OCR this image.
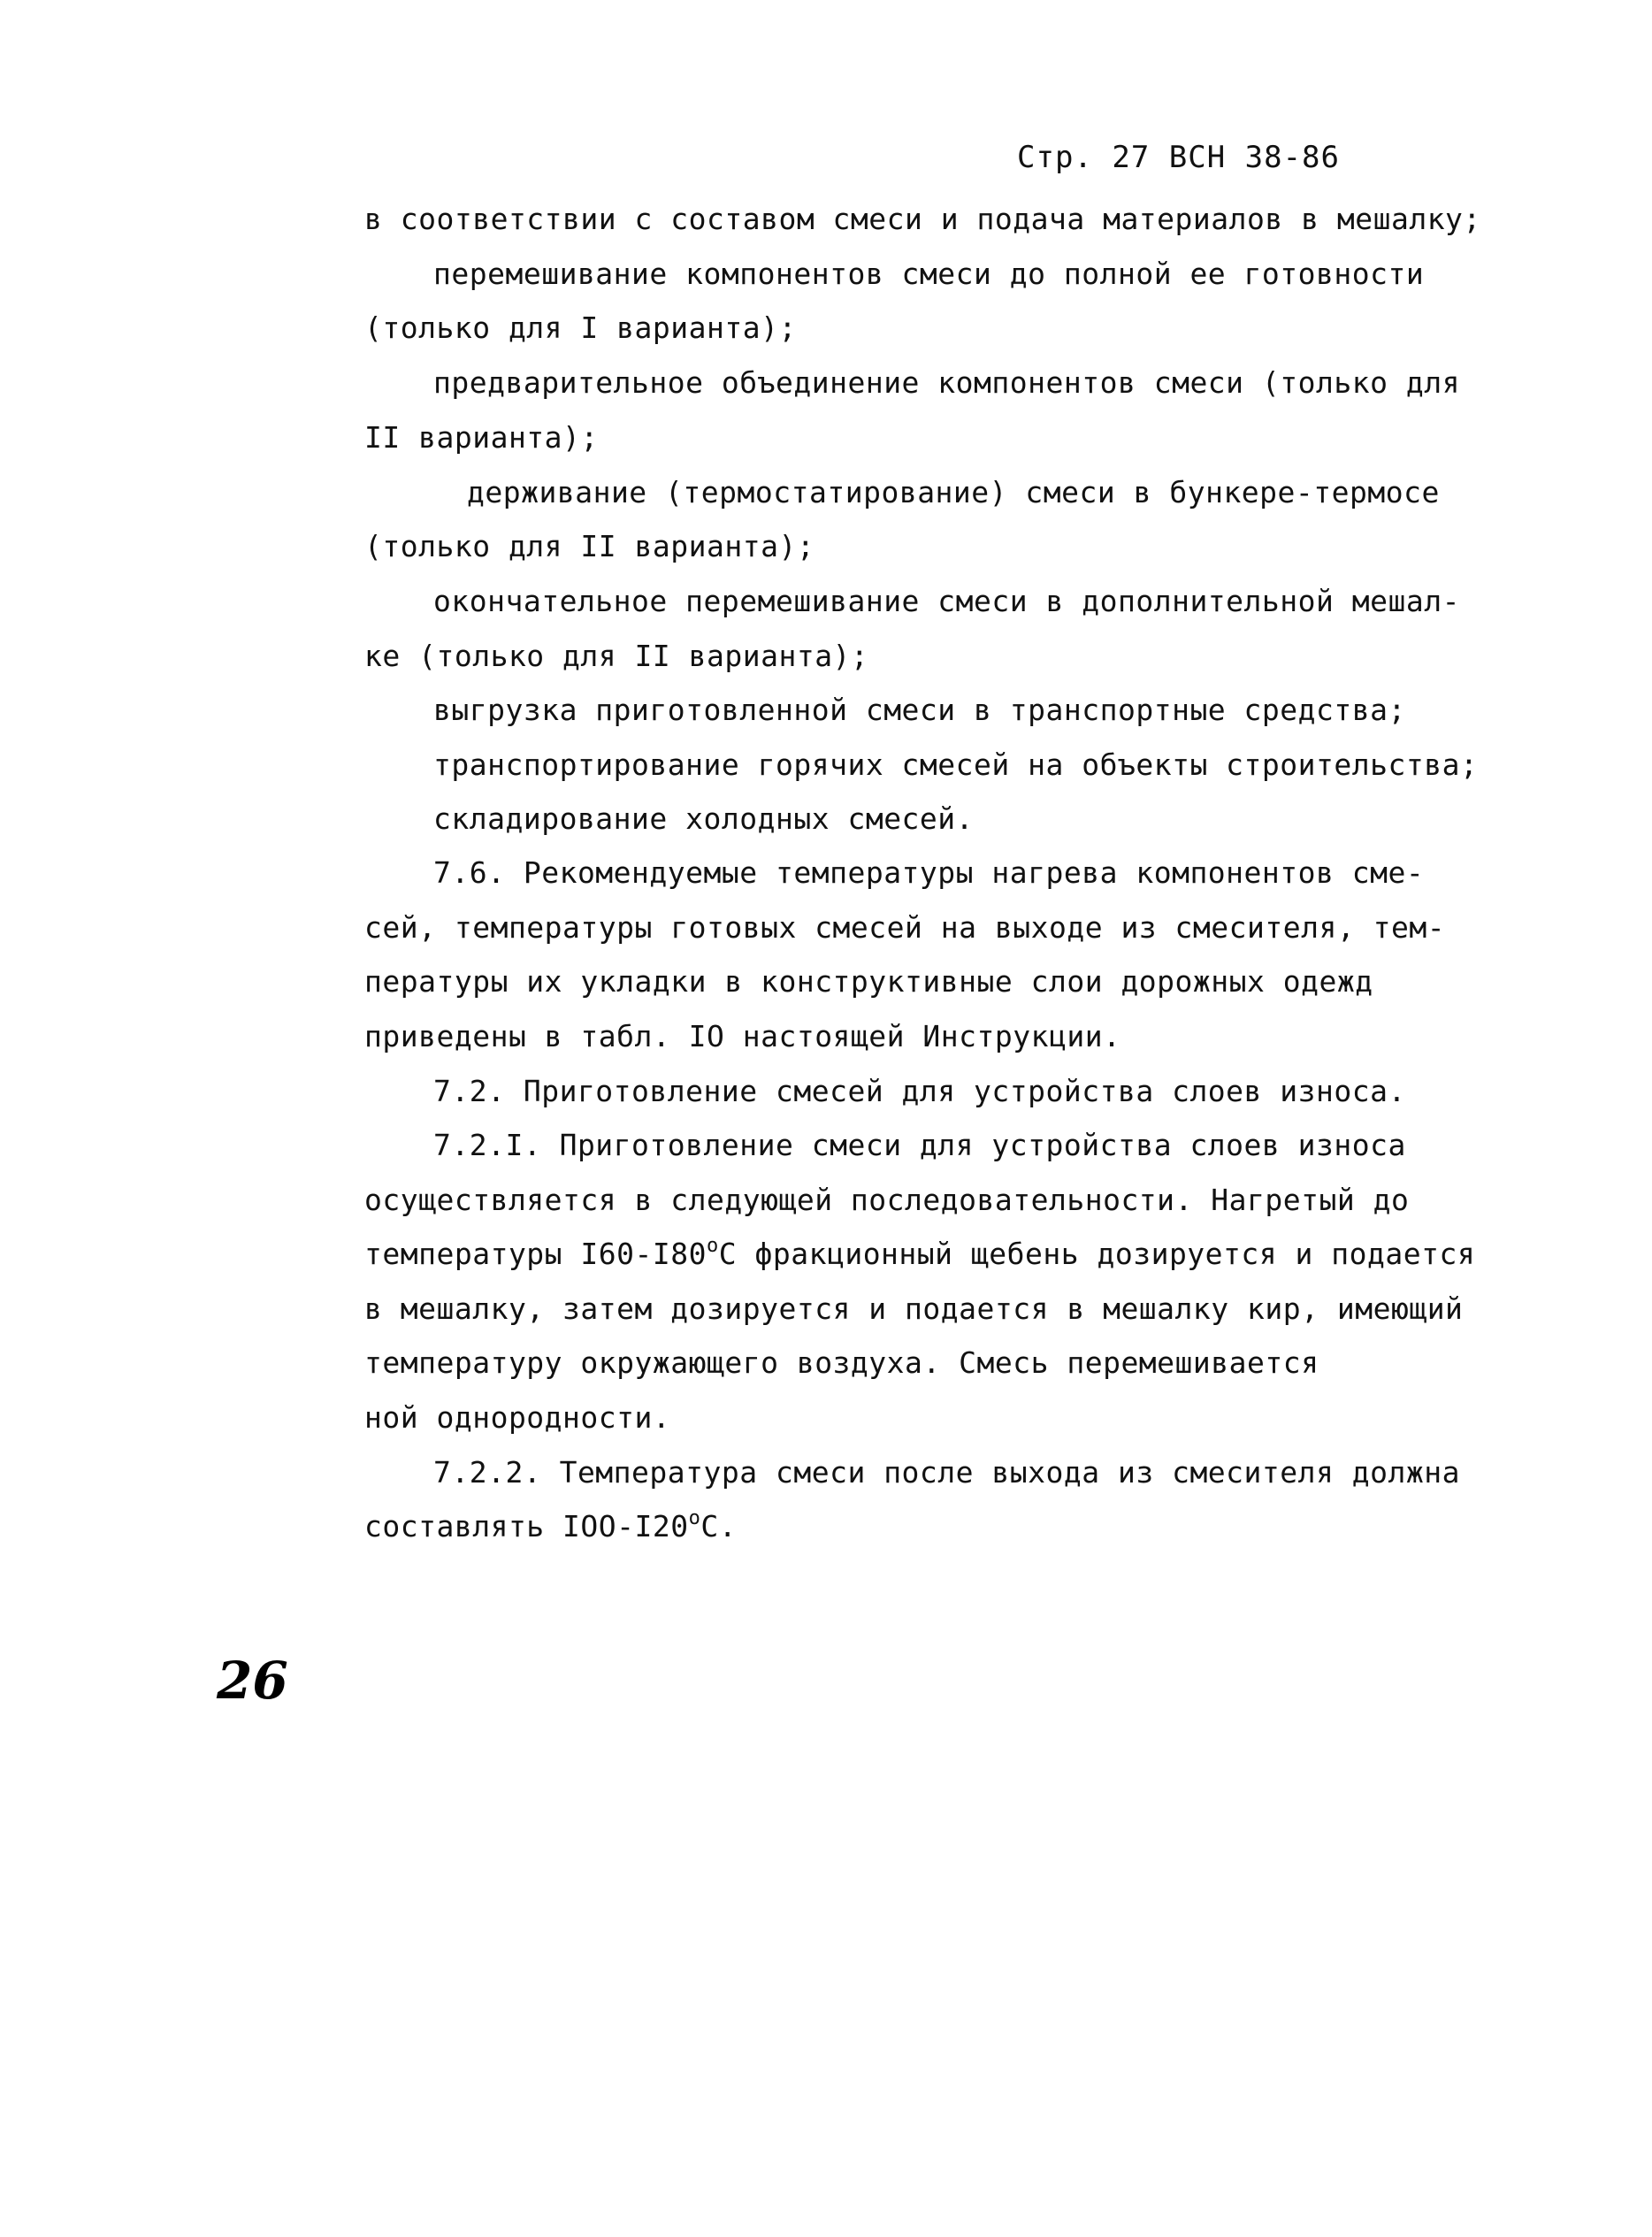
Стр. 27 ВСН 38-86
в соответствии с составом смеси и подача материалов в мешалку;
перемешивание компонентов смеси до полной ее готовности
(только для I варианта);
предварительное объединение компонентов смеси (только для
II варианта);
держивание (термостатирование) смеси в бункере-термосе
(только для II варианта);
окончательное перемешивание смеси в дополнительной мешал-
ке (только для II варианта);
выгрузка приготовленной смеси в транспортные средства;
транспортирование горячих смесей на объекты строительства;
складирование холодных смесей.
7.6. Рекомендуемые температуры нагрева компонентов сме-
сей, температуры готовых смесей на выходе из смесителя, тем-
пературы их укладки в конструктивные слои дорожных одежд
приведены в табл. IO настоящей Инструкции.
7.2. Приготовление смесей для устройства слоев износа.
7.2.I. Приготовление смеси для устройства слоев износа
осуществляется в следующей последовательности. Нагретый до
температуры $I60-I80^оС$ фракционный щебень дозируется и подается
в мешалку, затем дозируется и подается в мешалку кир, имеющий
температуру окружающего воздуха. Смесь перемешивается
ной однородности.
7.2.2. Температура смеси после выхода из смесителя должна
составлять IOO-$I20^оС$.
26
